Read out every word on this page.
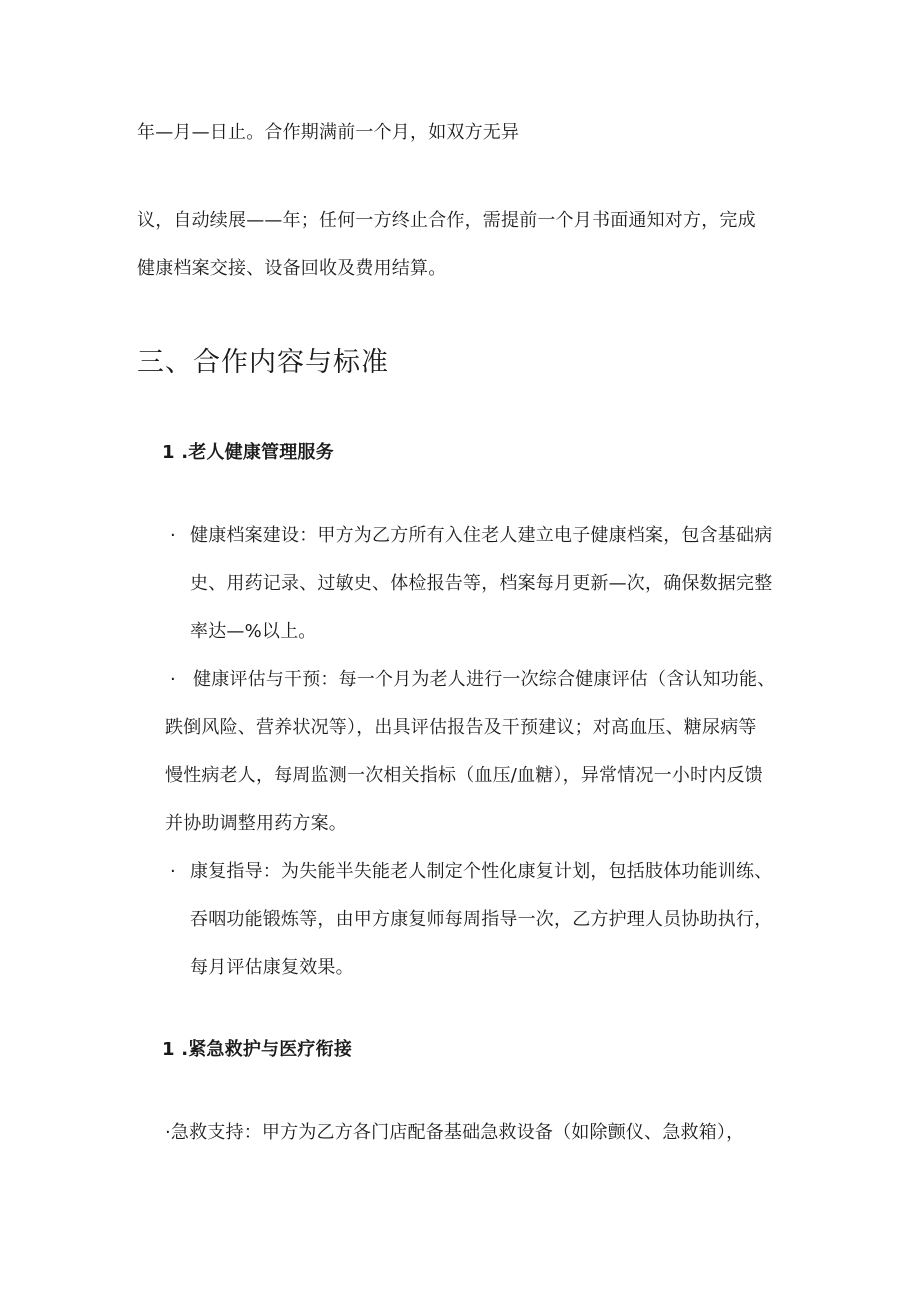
年—月—日止。合作期满前一个月，如双方无异
议，自动续展——年；任何一方终止合作，需提前一个月书面通知对方，完成
健康档案交接、设备回收及费用结算。
三、合作内容与标准
1 .老人健康管理服务
· 健康档案建设：甲方为乙方所有入住老人建立电子健康档案，包含基础病
史、用药记录、过敏史、体检报告等，档案每月更新—次，确保数据完整
率达—%以上。
· 健康评估与干预：每一个月为老人进行一次综合健康评估（含认知功能、
跌倒风险、营养状况等），出具评估报告及干预建议；对高血压、糖尿病等
慢性病老人，每周监测一次相关指标（血压/血糖），异常情况一小时内反馈
并协助调整用药方案。
· 康复指导：为失能半失能老人制定个性化康复计划，包括肢体功能训练、
吞咽功能锻炼等，由甲方康复师每周指导一次，乙方护理人员协助执行，
每月评估康复效果。
1 .紧急救护与医疗衔接
·急救支持：甲方为乙方各门店配备基础急救设备（如除颤仪、急救箱），
